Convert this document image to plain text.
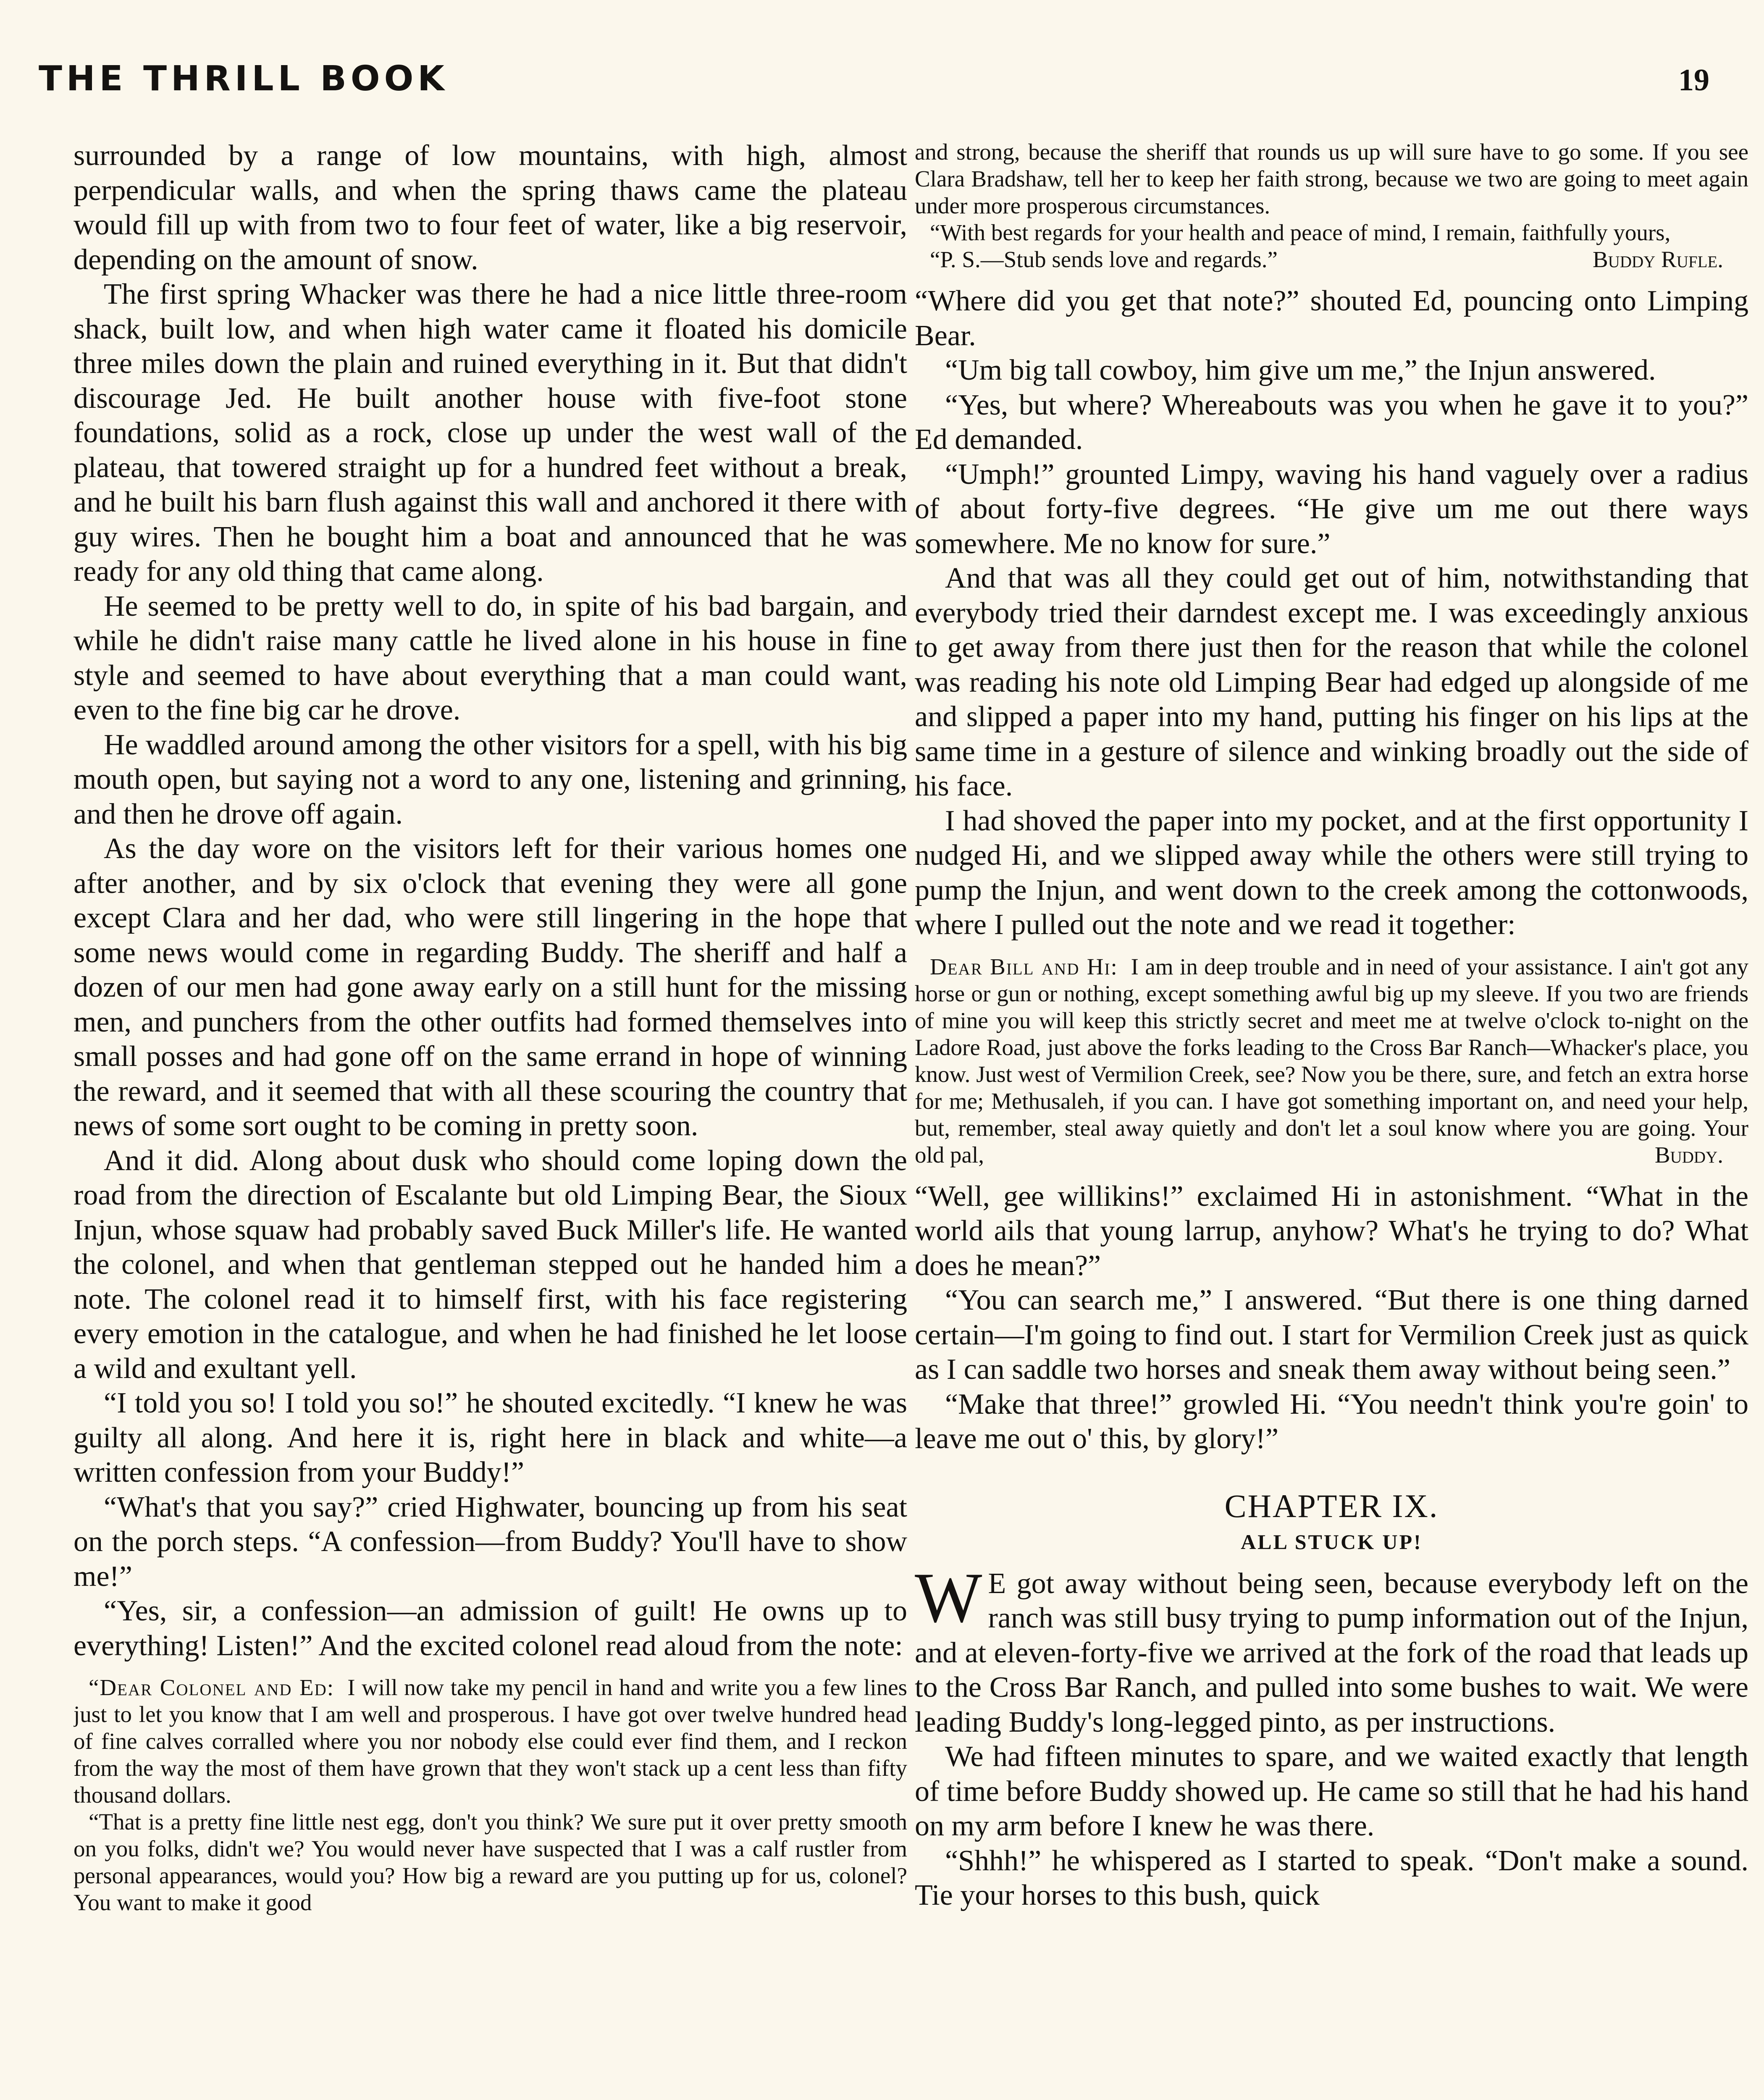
THE THRILL BOOK	19

surrounded by a range of low mountains, with high, almost perpendicular walls, and when the spring thaws came the plateau would fill up with from two to four feet of water, like a big reservoir, depending on the amount of snow.

The first spring Whacker was there he had a nice little three-room shack, built low, and when high water came it floated his domicile three miles down the plain and ruined everything in it. But that didn't discourage Jed. He built another house with five-foot stone foundations, solid as a rock, close up under the west wall of the plateau, that towered straight up for a hundred feet without a break, and he built his barn flush against this wall and anchored it there with guy wires. Then he bought him a boat and announced that he was ready for any old thing that came along.

He seemed to be pretty well to do, in spite of his bad bargain, and while he didn't raise many cattle he lived alone in his house in fine style and seemed to have about everything that a man could want, even to the fine big car he drove.

He waddled around among the other visitors for a spell, with his big mouth open, but saying not a word to any one, listening and grinning, and then he drove off again.

As the day wore on the visitors left for their various homes one after another, and by six o'clock that evening they were all gone except Clara and her dad, who were still lingering in the hope that some news would come in regarding Buddy. The sheriff and half a dozen of our men had gone away early on a still hunt for the missing men, and punchers from the other outfits had formed themselves into small posses and had gone off on the same errand in hope of winning the reward, and it seemed that with all these scouring the country that news of some sort ought to be coming in pretty soon.

And it did. Along about dusk who should come loping down the road from the direction of Escalante but old Limping Bear, the Sioux Injun, whose squaw had probably saved Buck Miller's life. He wanted the colonel, and when that gentleman stepped out he handed him a note. The colonel read it to himself first, with his face registering every emotion in the catalogue, and when he had finished he let loose a wild and exultant yell.

“I told you so! I told you so!” he shouted excitedly. “I knew he was guilty all along. And here it is, right here in black and white—a written confession from your Buddy!”

“What's that you say?” cried Highwater, bouncing up from his seat on the porch steps. “A confession—from Buddy? You'll have to show me!”

“Yes, sir, a confession—an admission of guilt! He owns up to everything! Listen!” And the excited colonel read aloud from the note:

“Dear Colonel and Ed: I will now take my pencil in hand and write you a few lines just to let you know that I am well and prosperous. I have got over twelve hundred head of fine calves corralled where you nor nobody else could ever find them, and I reckon from the way the most of them have grown that they won't stack up a cent less than fifty thousand dollars.

“That is a pretty fine little nest egg, don't you think? We sure put it over pretty smooth on you folks, didn't we? You would never have suspected that I was a calf rustler from personal appearances, would you? How big a reward are you putting up for us, colonel? You want to make it good

and strong, because the sheriff that rounds us up will sure have to go some. If you see Clara Bradshaw, tell her to keep her faith strong, because we two are going to meet again under more prosperous circumstances.

“With best regards for your health and peace of mind, I remain, faithfully yours,
Buddy Rufle.

“P. S.—Stub sends love and regards.”

“Where did you get that note?” shouted Ed, pouncing onto Limping Bear.

“Um big tall cowboy, him give um me,” the Injun answered.

“Yes, but where? Whereabouts was you when he gave it to you?” Ed demanded.

“Umph!” grounted Limpy, waving his hand vaguely over a radius of about forty-five degrees. “He give um me out there ways somewhere. Me no know for sure.”

And that was all they could get out of him, notwithstanding that everybody tried their darndest except me. I was exceedingly anxious to get away from there just then for the reason that while the colonel was reading his note old Limping Bear had edged up alongside of me and slipped a paper into my hand, putting his finger on his lips at the same time in a gesture of silence and winking broadly out the side of his face.

I had shoved the paper into my pocket, and at the first opportunity I nudged Hi, and we slipped away while the others were still trying to pump the Injun, and went down to the creek among the cottonwoods, where I pulled out the note and we read it together:

Dear Bill and Hi: I am in deep trouble and in need of your assistance. I ain't got any horse or gun or nothing, except something awful big up my sleeve. If you two are friends of mine you will keep this strictly secret and meet me at twelve o'clock to-night on the Ladore Road, just above the forks leading to the Cross Bar Ranch—Whacker's place, you know. Just west of Vermilion Creek, see? Now you be there, sure, and fetch an extra horse for me; Methusaleh, if you can. I have got something important on, and need your help, but, remember, steal away quietly and don't let a soul know where you are going. Your old pal,	Buddy.

“Well, gee willikins!” exclaimed Hi in astonishment. “What in the world ails that young larrup, anyhow? What's he trying to do? What does he mean?”

“You can search me,” I answered. “But there is one thing darned certain—I'm going to find out. I start for Vermilion Creek just as quick as I can saddle two horses and sneak them away without being seen.”

“Make that three!” growled Hi. “You needn't think you're goin' to leave me out o' this, by glory!”

CHAPTER IX.
ALL STUCK UP!

W E got away without being seen, because everybody left on the ranch was still busy trying to pump information out of the Injun, and at eleven-forty-five we arrived at the fork of the road that leads up to the Cross Bar Ranch, and pulled into some bushes to wait. We were leading Buddy's long-legged pinto, as per instructions.

We had fifteen minutes to spare, and we waited exactly that length of time before Buddy showed up. He came so still that he had his hand on my arm before I knew he was there.

“Shhh!” he whispered as I started to speak. “Don't make a sound. Tie your horses to this bush, quick
